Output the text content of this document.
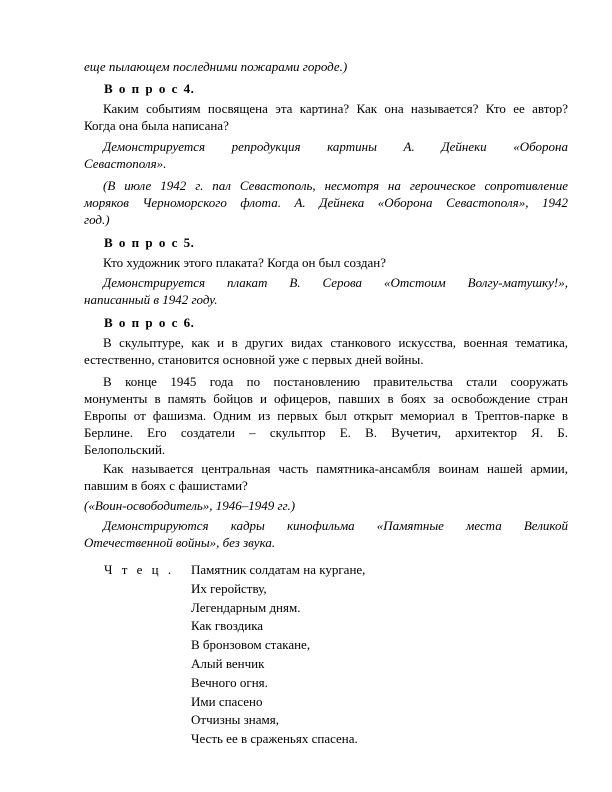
еще пылающем последними пожарами городе.)

В о п р о с 4.

Каким событиям посвящена эта картина? Как она называется? Кто ее автор?
Когда она была написана?

Демонстрируется репродукция картины А. Дейнеки «Оборона
Севастополя».

(В июле 1942 г. пал Севастополь, несмотря на героическое сопротивление
моряков Черноморского флота. А. Дейнека «Оборона Севастополя», 1942
год.)

В о п р о с 5.

Кто художник этого плаката? Когда он был создан?

Демонстрируется плакат В. Серова «Отстоим Волгу-матушку!»,
написанный в 1942 году.

В о п р о с 6.

В скульптуре, как и в других видах станкового искусства, военная тематика,
естественно, становится основной уже с первых дней войны.

В конце 1945 года по постановлению правительства стали сооружать
монументы в память бойцов и офицеров, павших в боях за освобождение стран
Европы от фашизма. Одним из первых был открыт мемориал в Трептов-парке в
Берлине. Его создатели – скульптор Е. В. Вучетич, архитектор Я. Б.
Белопольский.

Как называется центральная часть памятника-ансамбля воинам нашей армии,
павшим в боях с фашистами?

(«Воин-освободитель», 1946–1949 гг.)

Демонстрируются кадры кинофильма «Памятные места Великой
Отечественной войны», без звука.

Ч т е ц . Памятник солдатам на кургане,
Их геройству,
Легендарным дням.
Как гвоздика
В бронзовом стакане,
Алый венчик
Вечного огня.
Ими спасено
Отчизны знамя,
Честь ее в сраженьях спасена.
